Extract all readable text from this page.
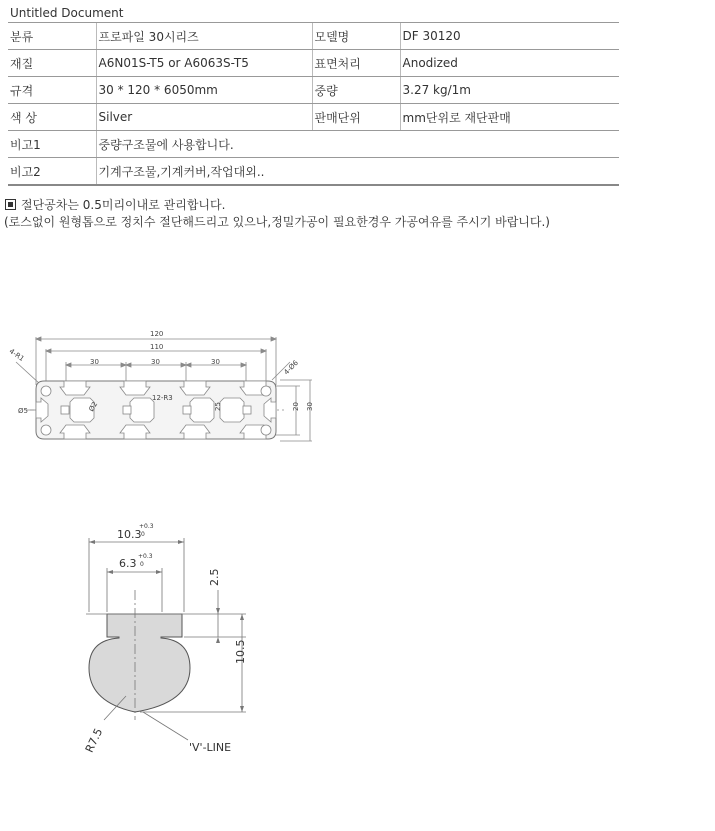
Untitled Document
분류	프로파일 30시리즈	모델명	DF 30120
재질	A6N01S-T5 or A6063S-T5	표면처리	Anodized
규격	30 * 120 * 6050mm	중량	3.27 kg/1m
색 상	Silver	판매단위	mm단위로 재단판매
비고1	중량구조물에 사용합니다.		
비고2	기계구조물,기계커버,작업대외..		
절단공차는 0.5미리이내로 관리합니다.
(로스없이 원형톱으로 정치수 절단해드리고 있으나,정밀가공이 필요한경우 가공여유를 주시기 바랍니다.)
120
110
30	30	30
4-R1
4-Ø6
Ø5	Ø2
12-R3
25	20 30
10.3
+0.3
0
6.3
+0.3
0
2.5
10.5
R7.5	'V'-LINE
